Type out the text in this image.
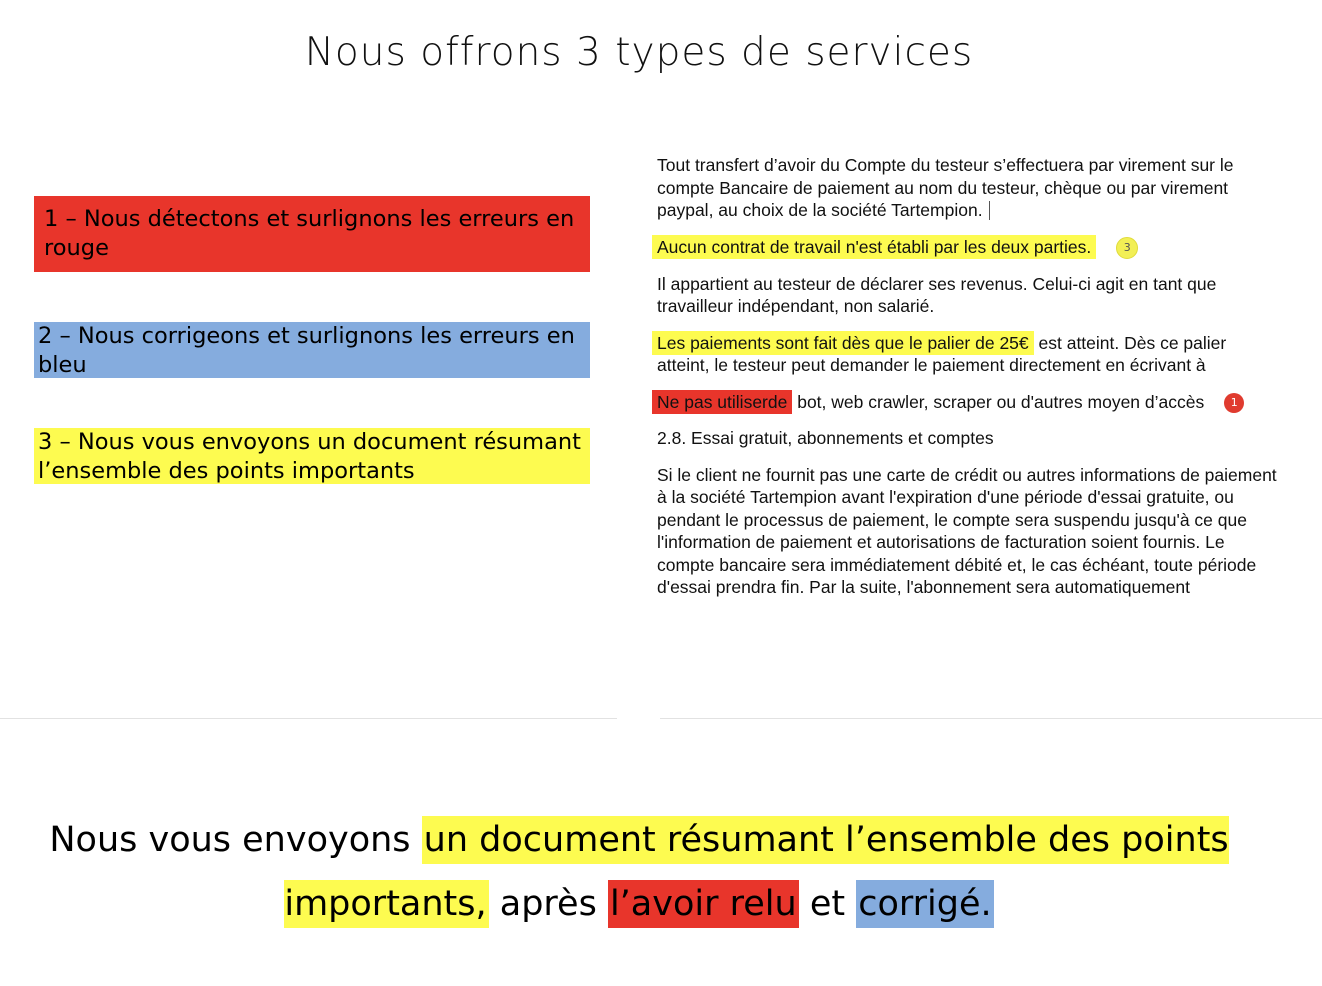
Nous offrons 3 types de services
1 – Nous détectons et surlignons les erreurs en rouge
2 – Nous corrigeons et surlignons les erreurs en bleu
3 – Nous vous envoyons un document résumant l’ensemble des points importants

Tout transfert d’avoir du Compte du testeur s’effectuera par virement sur le compte Bancaire de paiement au nom du testeur, chèque ou par virement paypal, au choix de la société Tartempion.

Aucun contrat de travail n'est établi par les deux parties.	3

Il appartient au testeur de déclarer ses revenus. Celui-ci agit en tant que travailleur indépendant, non salarié.

Les paiements sont fait dès que le palier de 25€ est atteint. Dès ce palier atteint, le testeur peut demander le paiement directement en écrivant à

Ne pas utiliserde bot, web crawler, scraper ou d'autres moyen d’accès 1

2.8. Essai gratuit, abonnements et comptes

Si le client ne fournit pas une carte de crédit ou autres informations de paiement à la société Tartempion avant l'expiration d'une période d'essai gratuite, ou pendant le processus de paiement, le compte sera suspendu jusqu'à ce que l'information de paiement et autorisations de facturation soient fournis. Le compte bancaire sera immédiatement débité et, le cas échéant, toute période d'essai prendra fin. Par la suite, l'abonnement sera automatiquement

Nous vous envoyons un document résumant l’ensemble des points importants, après l’avoir relu et corrigé.
